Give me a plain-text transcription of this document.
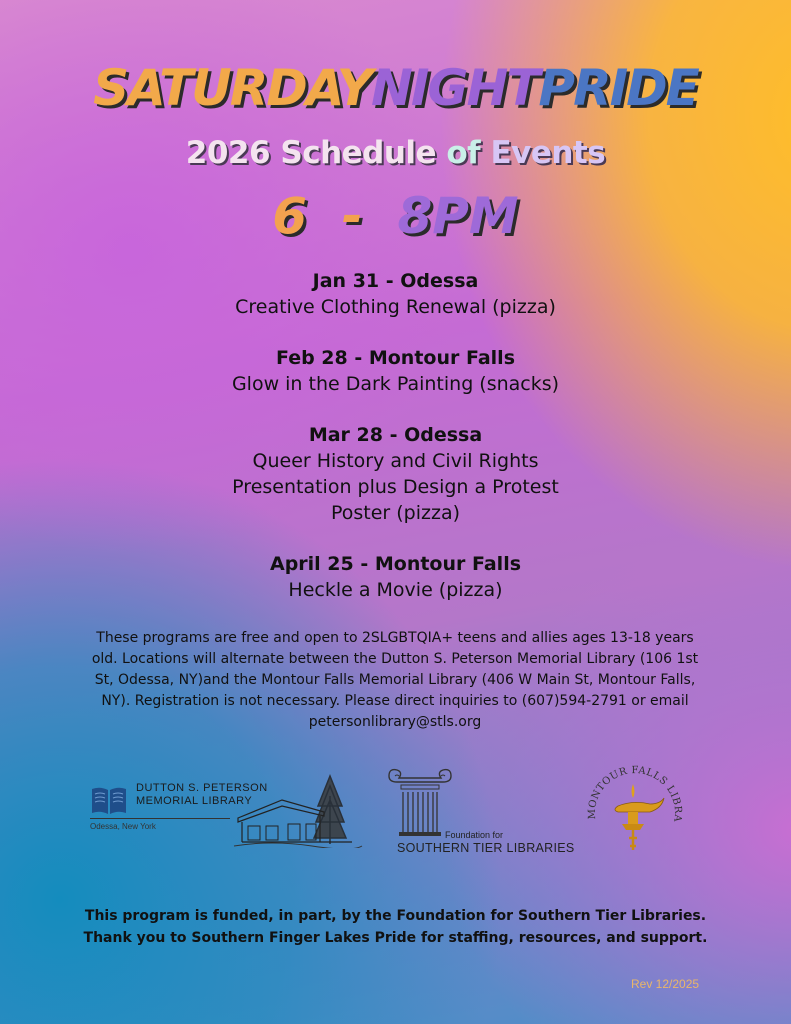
SATURDAYNIGHTPRIDE
2026 Schedule of Events
6  -  8PM
Jan 31 - Odessa
Creative Clothing Renewal (pizza)
Feb 28 - Montour Falls
Glow in the Dark Painting (snacks)
Mar 28 - Odessa
Queer History and Civil Rights
Presentation plus Design a Protest
Poster (pizza)
April 25 - Montour Falls
Heckle a Movie (pizza)
These programs are free and open to 2SLGBTQIA+ teens and allies ages 13-18 years
old. Locations will alternate between the Dutton S. Peterson Memorial Library (106 1st
St, Odessa, NY)and the Montour Falls Memorial Library (406 W Main St, Montour Falls,
NY). Registration is not necessary. Please direct inquiries to (607)594-2791 or email
petersonlibrary@stls.org
DUTTON S. PETERSON
MEMORIAL LIBRARY
Odessa, New York
Foundation for
SOUTHERN TIER LIBRARIES
MONTOUR FALLS LIBRA
This program is funded, in part, by the Foundation for Southern Tier Libraries.
Thank you to Southern Finger Lakes Pride for staffing, resources, and support.
Rev 12/2025
